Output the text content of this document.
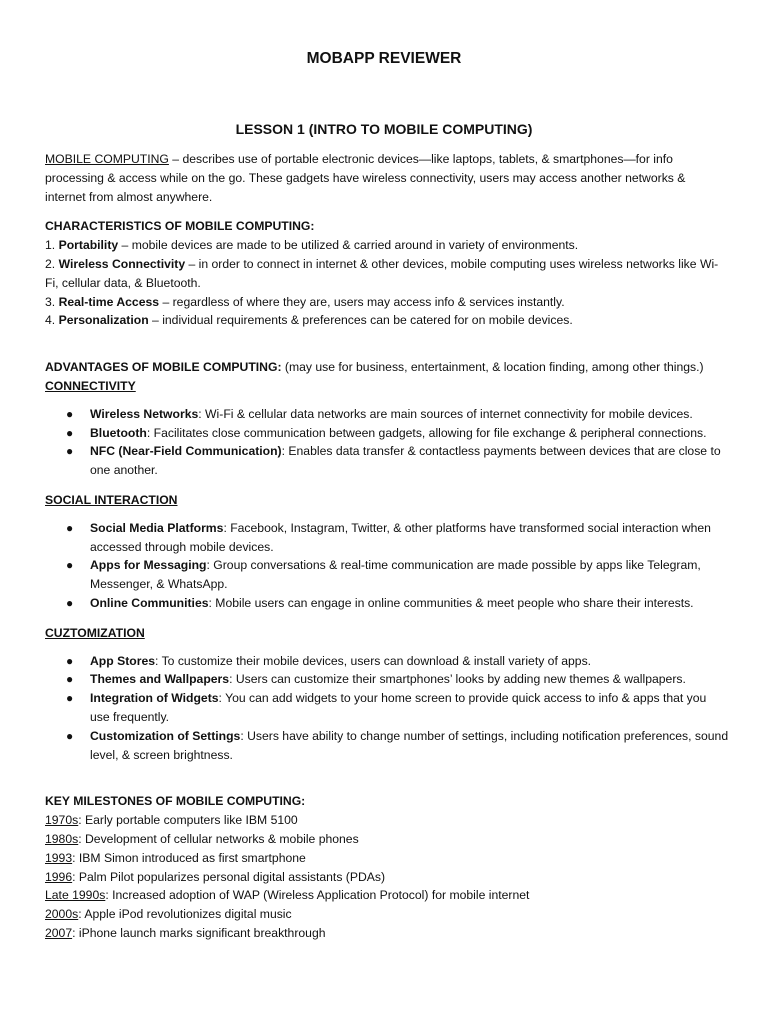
MOBAPP REVIEWER
LESSON 1 (INTRO TO MOBILE COMPUTING)

MOBILE COMPUTING – describes use of portable electronic devices—like laptops, tablets, & smartphones—for info processing & access while on the go. These gadgets have wireless connectivity, users may access another networks & internet from almost anywhere.

CHARACTERISTICS OF MOBILE COMPUTING:

1. Portability – mobile devices are made to be utilized & carried around in variety of environments.

2. Wireless Connectivity – in order to connect in internet & other devices, mobile computing uses wireless networks like Wi-Fi, cellular data, & Bluetooth.

3. Real-time Access – regardless of where they are, users may access info & services instantly.

4. Personalization – individual requirements & preferences can be catered for on mobile devices.

ADVANTAGES OF MOBILE COMPUTING: (may use for business, entertainment, & location finding, among other things.)

CONNECTIVITY

● Wireless Networks: Wi-Fi & cellular data networks are main sources of internet connectivity for mobile devices.
● Bluetooth: Facilitates close communication between gadgets, allowing for file exchange & peripheral connections.
● NFC (Near-Field Communication): Enables data transfer & contactless payments between devices that are close to one another.

SOCIAL INTERACTION

● Social Media Platforms: Facebook, Instagram, Twitter, & other platforms have transformed social interaction when accessed through mobile devices.
● Apps for Messaging: Group conversations & real-time communication are made possible by apps like Telegram, Messenger, & WhatsApp.
● Online Communities: Mobile users can engage in online communities & meet people who share their interests.

CUZTOMIZATION

● App Stores: To customize their mobile devices, users can download & install variety of apps.
● Themes and Wallpapers: Users can customize their smartphones’ looks by adding new themes & wallpapers.
● Integration of Widgets: You can add widgets to your home screen to provide quick access to info & apps that you use frequently.
● Customization of Settings: Users have ability to change number of settings, including notification preferences, sound level, & screen brightness.

KEY MILESTONES OF MOBILE COMPUTING:

1970s: Early portable computers like IBM 5100

1980s: Development of cellular networks & mobile phones

1993: IBM Simon introduced as first smartphone

1996: Palm Pilot popularizes personal digital assistants (PDAs)

Late 1990s: Increased adoption of WAP (Wireless Application Protocol) for mobile internet

2000s: Apple iPod revolutionizes digital music

2007: iPhone launch marks significant breakthrough
